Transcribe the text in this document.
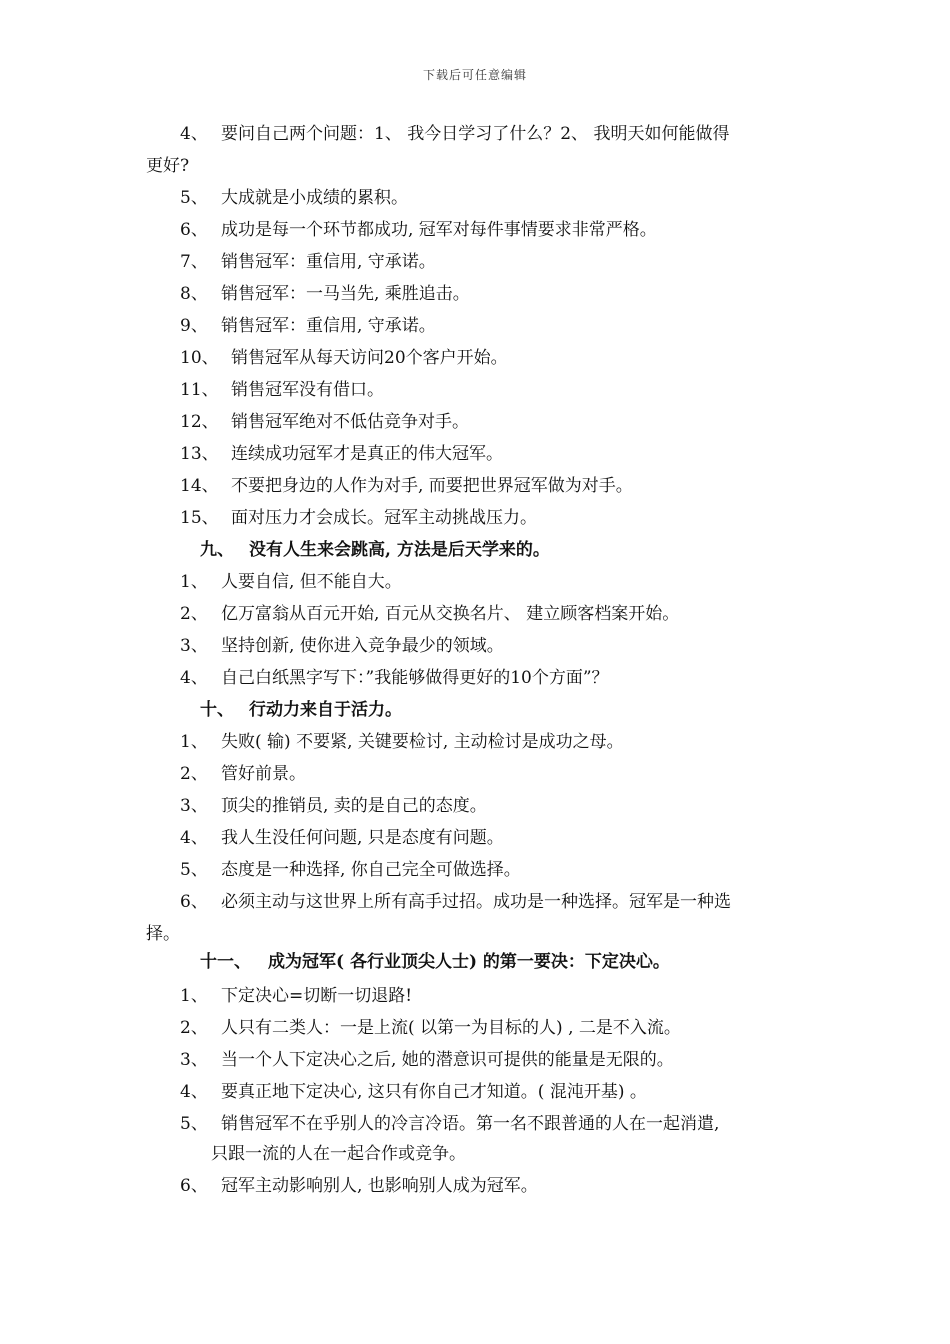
下载后可任意编辑
4、 要问自己两个问题：1、 我今日学习了什么？2、 我明天如何能做得
更好?
5、 大成就是小成绩的累积。
6、 成功是每一个环节都成功, 冠军对每件事情要求非常严格。
7、 销售冠军：重信用, 守承诺。
8、 销售冠军：一马当先, 乘胜追击。
9、 销售冠军：重信用, 守承诺。
10、 销售冠军从每天访问20个客户开始。
11、 销售冠军没有借口。
12、 销售冠军绝对不低估竞争对手。
13、 连续成功冠军才是真正的伟大冠军。
14、 不要把身边的人作为对手, 而要把世界冠军做为对手。
15、 面对压力才会成长。冠军主动挑战压力。
九、 没有人生来会跳高, 方法是后天学来的。
1、 人要自信, 但不能自大。
2、 亿万富翁从百元开始, 百元从交换名片、 建立顾客档案开始。
3、 坚持创新, 使你进入竞争最少的领域。
4、 自己白纸黑字写下：”我能够做得更好的10个方面”？
十、 行动力来自于活力。
1、 失败( 输) 不要紧, 关键要检讨, 主动检讨是成功之母。
2、 管好前景。
3、 顶尖的推销员, 卖的是自己的态度。
4、 我人生没任何问题, 只是态度有问题。
5、 态度是一种选择, 你自己完全可做选择。
6、 必须主动与这世界上所有高手过招。成功是一种选择。冠军是一种选
择。
十一、 成为冠军( 各行业顶尖人士) 的第一要决：下定决心。
1、 下定决心=切断一切退路!
2、 人只有二类人：一是上流( 以第一为目标的人) , 二是不入流。
3、 当一个人下定决心之后, 她的潜意识可提供的能量是无限的。
4、 要真正地下定决心, 这只有你自己才知道。( 混沌开基) 。
5、 销售冠军不在乎别人的冷言冷语。第一名不跟普通的人在一起消遣,
只跟一流的人在一起合作或竞争。
6、 冠军主动影响别人, 也影响别人成为冠军。
